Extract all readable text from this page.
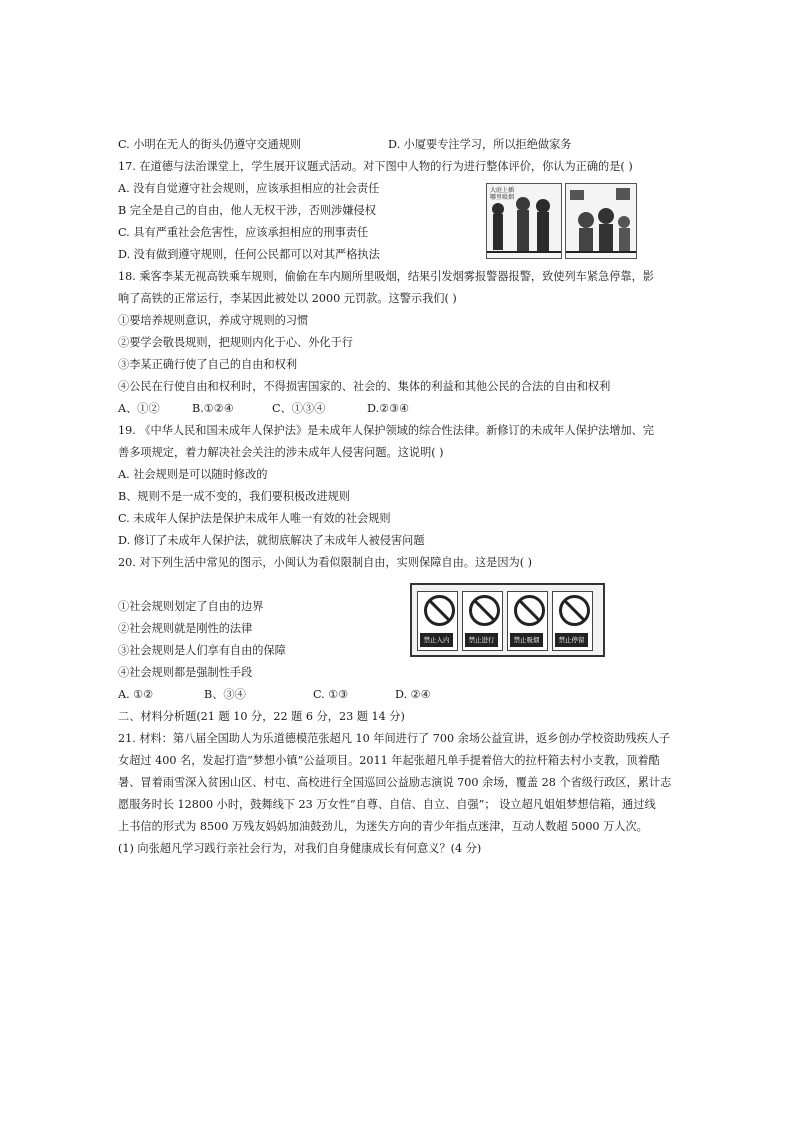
C. 小明在无人的街头仍遵守交通规则	D. 小厦要专注学习，所以拒绝做家务
17. 在道德与法治课堂上，学生展开议题式活动。对下图中人物的行为进行整体评价，你认为正确的是( )
A. 没有自觉遵守社会规则，应该承担相应的社会责任
B 完全是自己的自由，他人无权干涉，否则涉嫌侵权
C. 具有严重社会危害性，应该承担相应的刑事责任
D. 没有做到遵守规则，任何公民都可以对其严格执法
大庭上插
哪里吸烟
18. 乘客李某无视高铁乘车规则，偷偷在车内厕所里吸烟，结果引发烟雾报警器报警，致使列车紧急停靠，影
响了高铁的正常运行，李某因此被处以 2000 元罚款。这警示我们( )
①要培养规则意识，养成守规则的习惯
②要学会敬畏规则，把规则内化于心、外化于行
③李某正确行使了自己的自由和权利
④公民在行使自由和权利时，不得损害国家的、社会的、集体的利益和其他公民的合法的自由和权利
A、①②	B.①②④	C、①③④	D.②③④
19. 《中华人民和国未成年人保护法》是未成年人保护领域的综合性法律。新修订的未成年人保护法增加、完
善多项规定，着力解决社会关注的涉未成年人侵害问题。这说明( )
A. 社会规则是可以随时修改的
B、规则不是一成不变的，我们要积极改进规则
C. 未成年人保护法是保护未成年人唯一有效的社会规则
D. 修订了未成年人保护法，就彻底解决了未成年人被侵害问题
20. 对下列生活中常见的图示，小闽认为看似限制自由，实则保障自由。这是因为( )
①社会规则划定了自由的边界
②社会规则就是刚性的法律
③社会规则是人们享有自由的保障
④社会规则都是强制性手段
A. ①②	B、③④	C. ①③	D. ②④
禁止入内	禁止进行	禁止吸烟	禁止停留
二、材料分析题(21 题 10 分，22 题 6 分，23 题 14 分)
21. 材料：第八届全国助人为乐道德模范张超凡 10 年间进行了 700 余场公益宣讲，返乡创办学校资助残疾人子
女超过 400 名，发起打造“梦想小镇”公益项目。2011 年起张超凡单手提着倍大的拉杆箱去村小支教，顶着酷
暑、冒着雨雪深入贫困山区、村屯、高校进行全国巡回公益励志演说 700 余场，覆盖 28 个省级行政区，累计志
愿服务时长 12800 小时，鼓舞线下 23 万女性“自尊、自信、自立、自强”； 设立超凡姐姐梦想信箱，通过线
上书信的形式为 8500 万残友妈妈加油鼓劲儿，为迷失方向的青少年指点迷津，互动人数超 5000 万人次。
(1) 向张超凡学习践行亲社会行为，对我们自身健康成长有何意义？(4 分)
